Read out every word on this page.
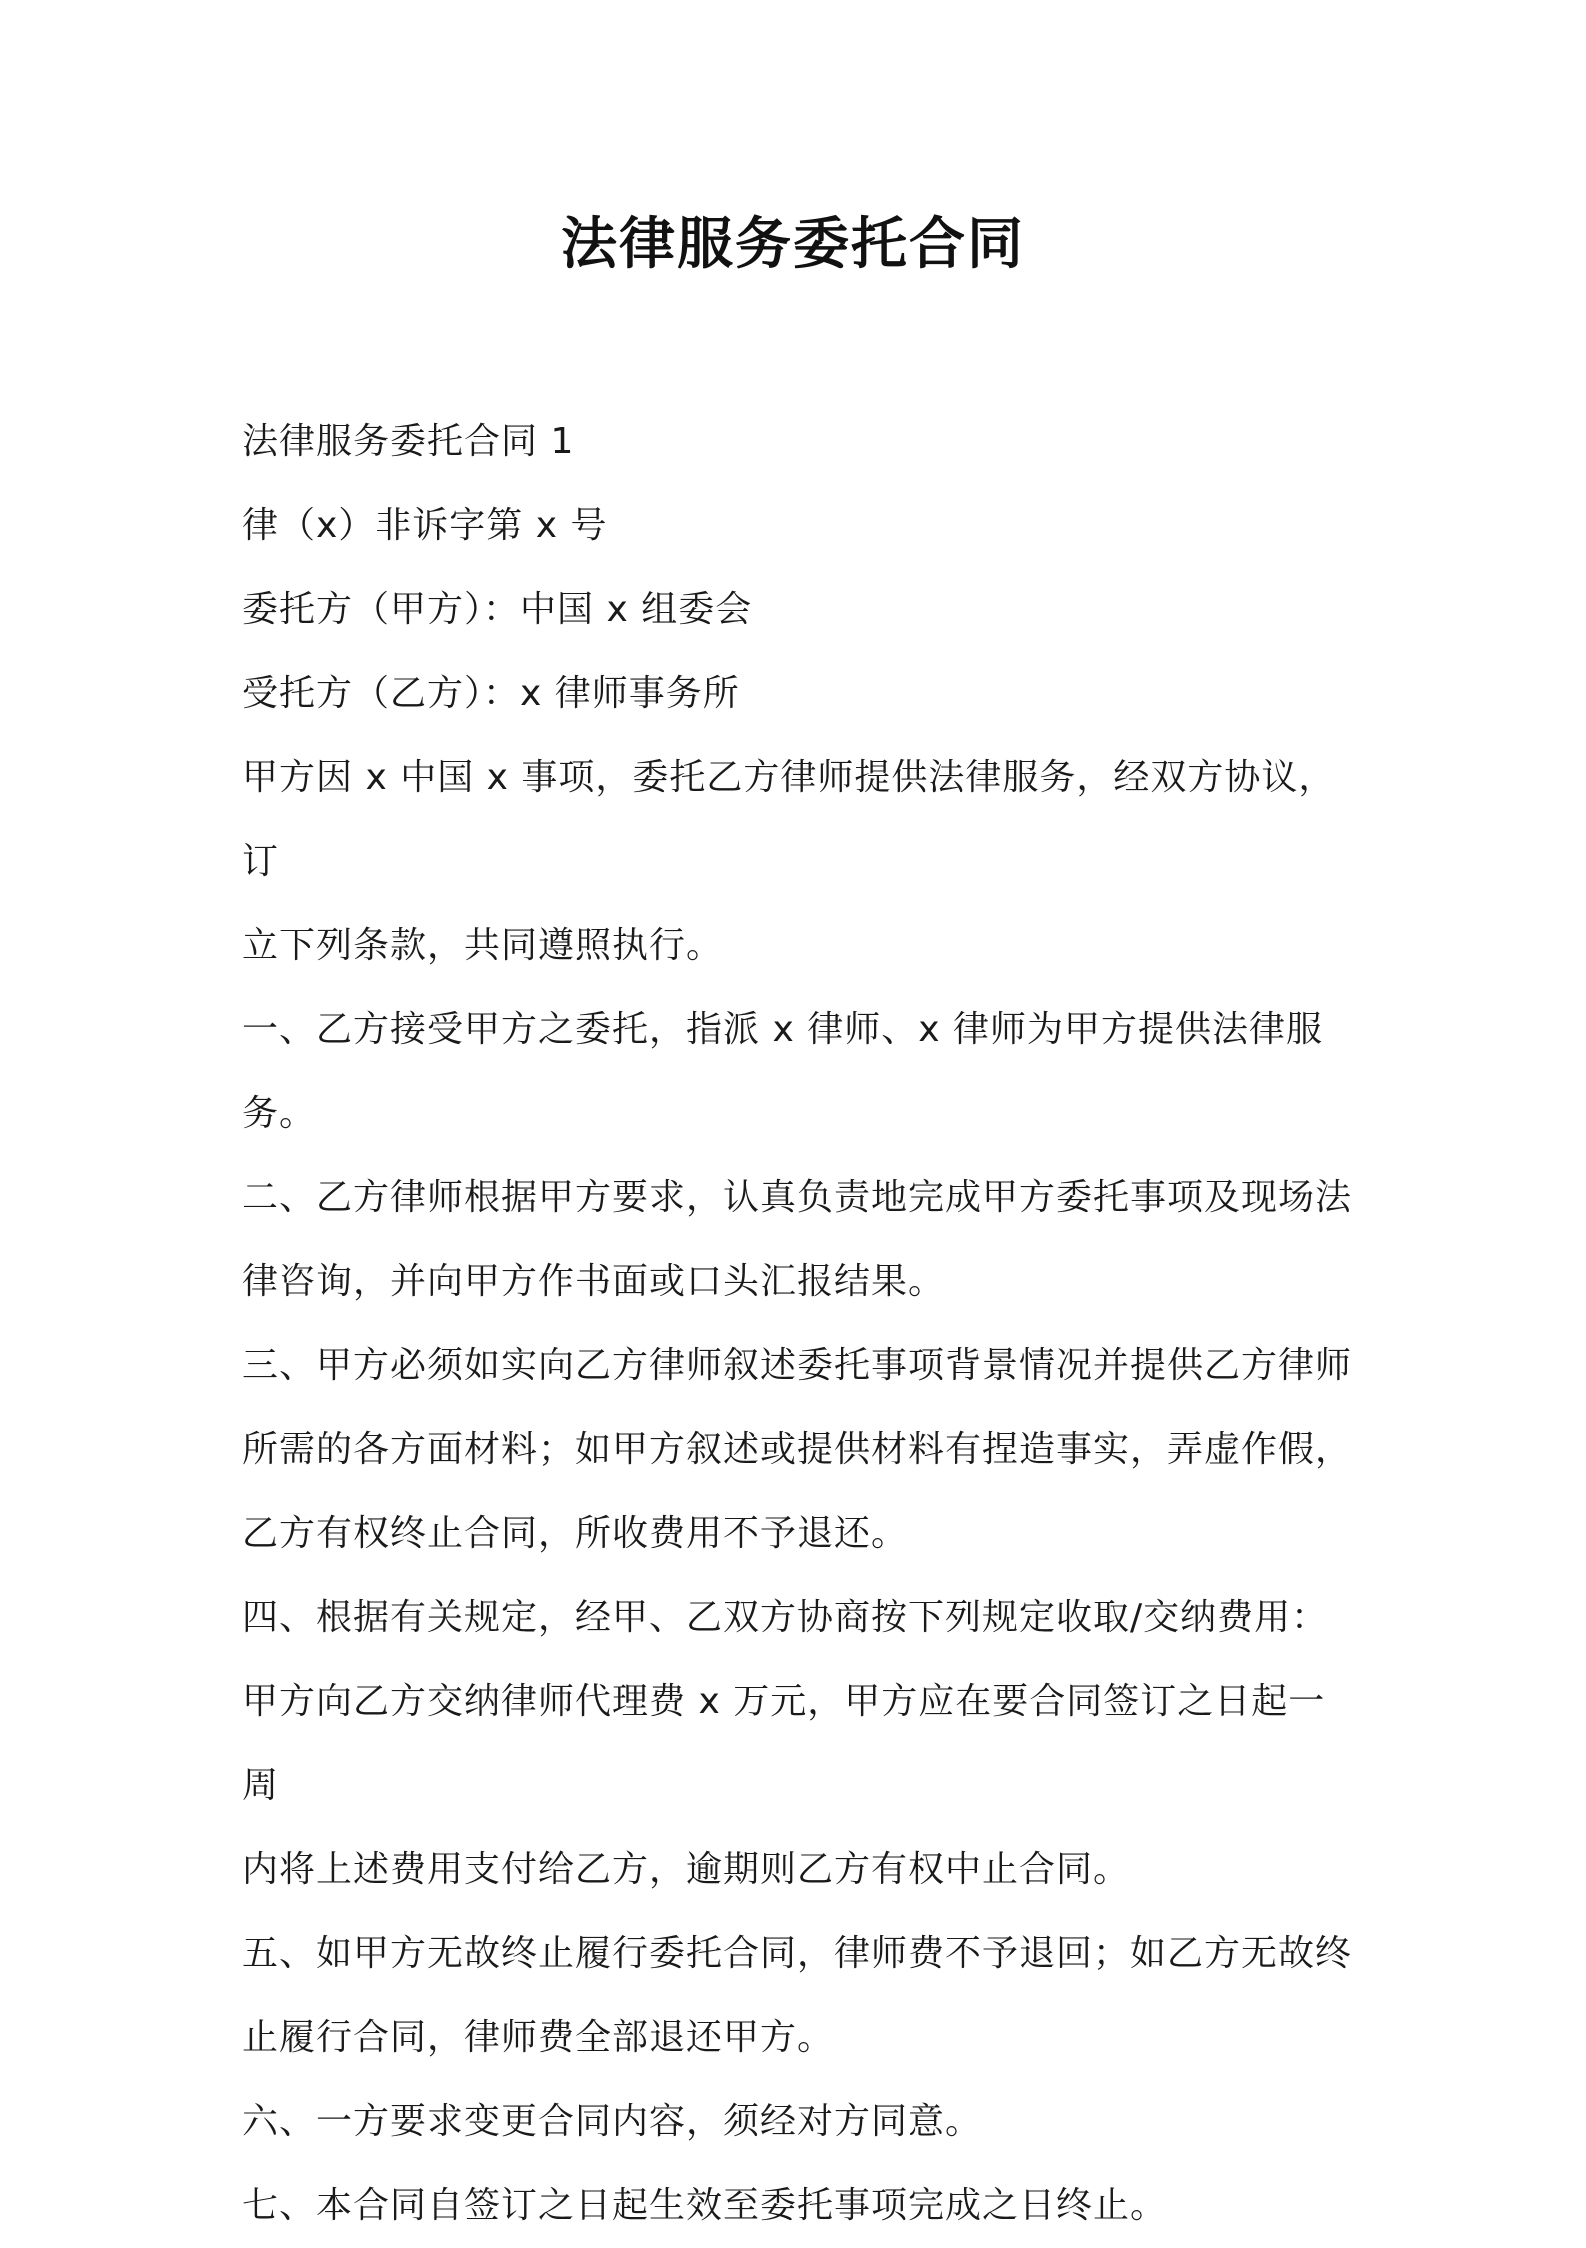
法律服务委托合同

法律服务委托合同 1

律（x）非诉字第 x 号

委托方（甲方）：中国 x 组委会

受托方（乙方）：x 律师事务所

甲方因 x 中国 x 事项，委托乙方律师提供法律服务，经双方协议，订
立下列条款，共同遵照执行。

一、乙方接受甲方之委托，指派 x 律师、x 律师为甲方提供法律服务。

二、乙方律师根据甲方要求，认真负责地完成甲方委托事项及现场法
律咨询，并向甲方作书面或口头汇报结果。

三、甲方必须如实向乙方律师叙述委托事项背景情况并提供乙方律师
所需的各方面材料；如甲方叙述或提供材料有捏造事实，弄虚作假，
乙方有权终止合同，所收费用不予退还。

四、根据有关规定，经甲、乙双方协商按下列规定收取/交纳费用：

甲方向乙方交纳律师代理费 x 万元，甲方应在要合同签订之日起一周
内将上述费用支付给乙方，逾期则乙方有权中止合同。

五、如甲方无故终止履行委托合同，律师费不予退回；如乙方无故终
止履行合同，律师费全部退还甲方。

六、一方要求变更合同内容，须经对方同意。

七、本合同自签订之日起生效至委托事项完成之日终止。
